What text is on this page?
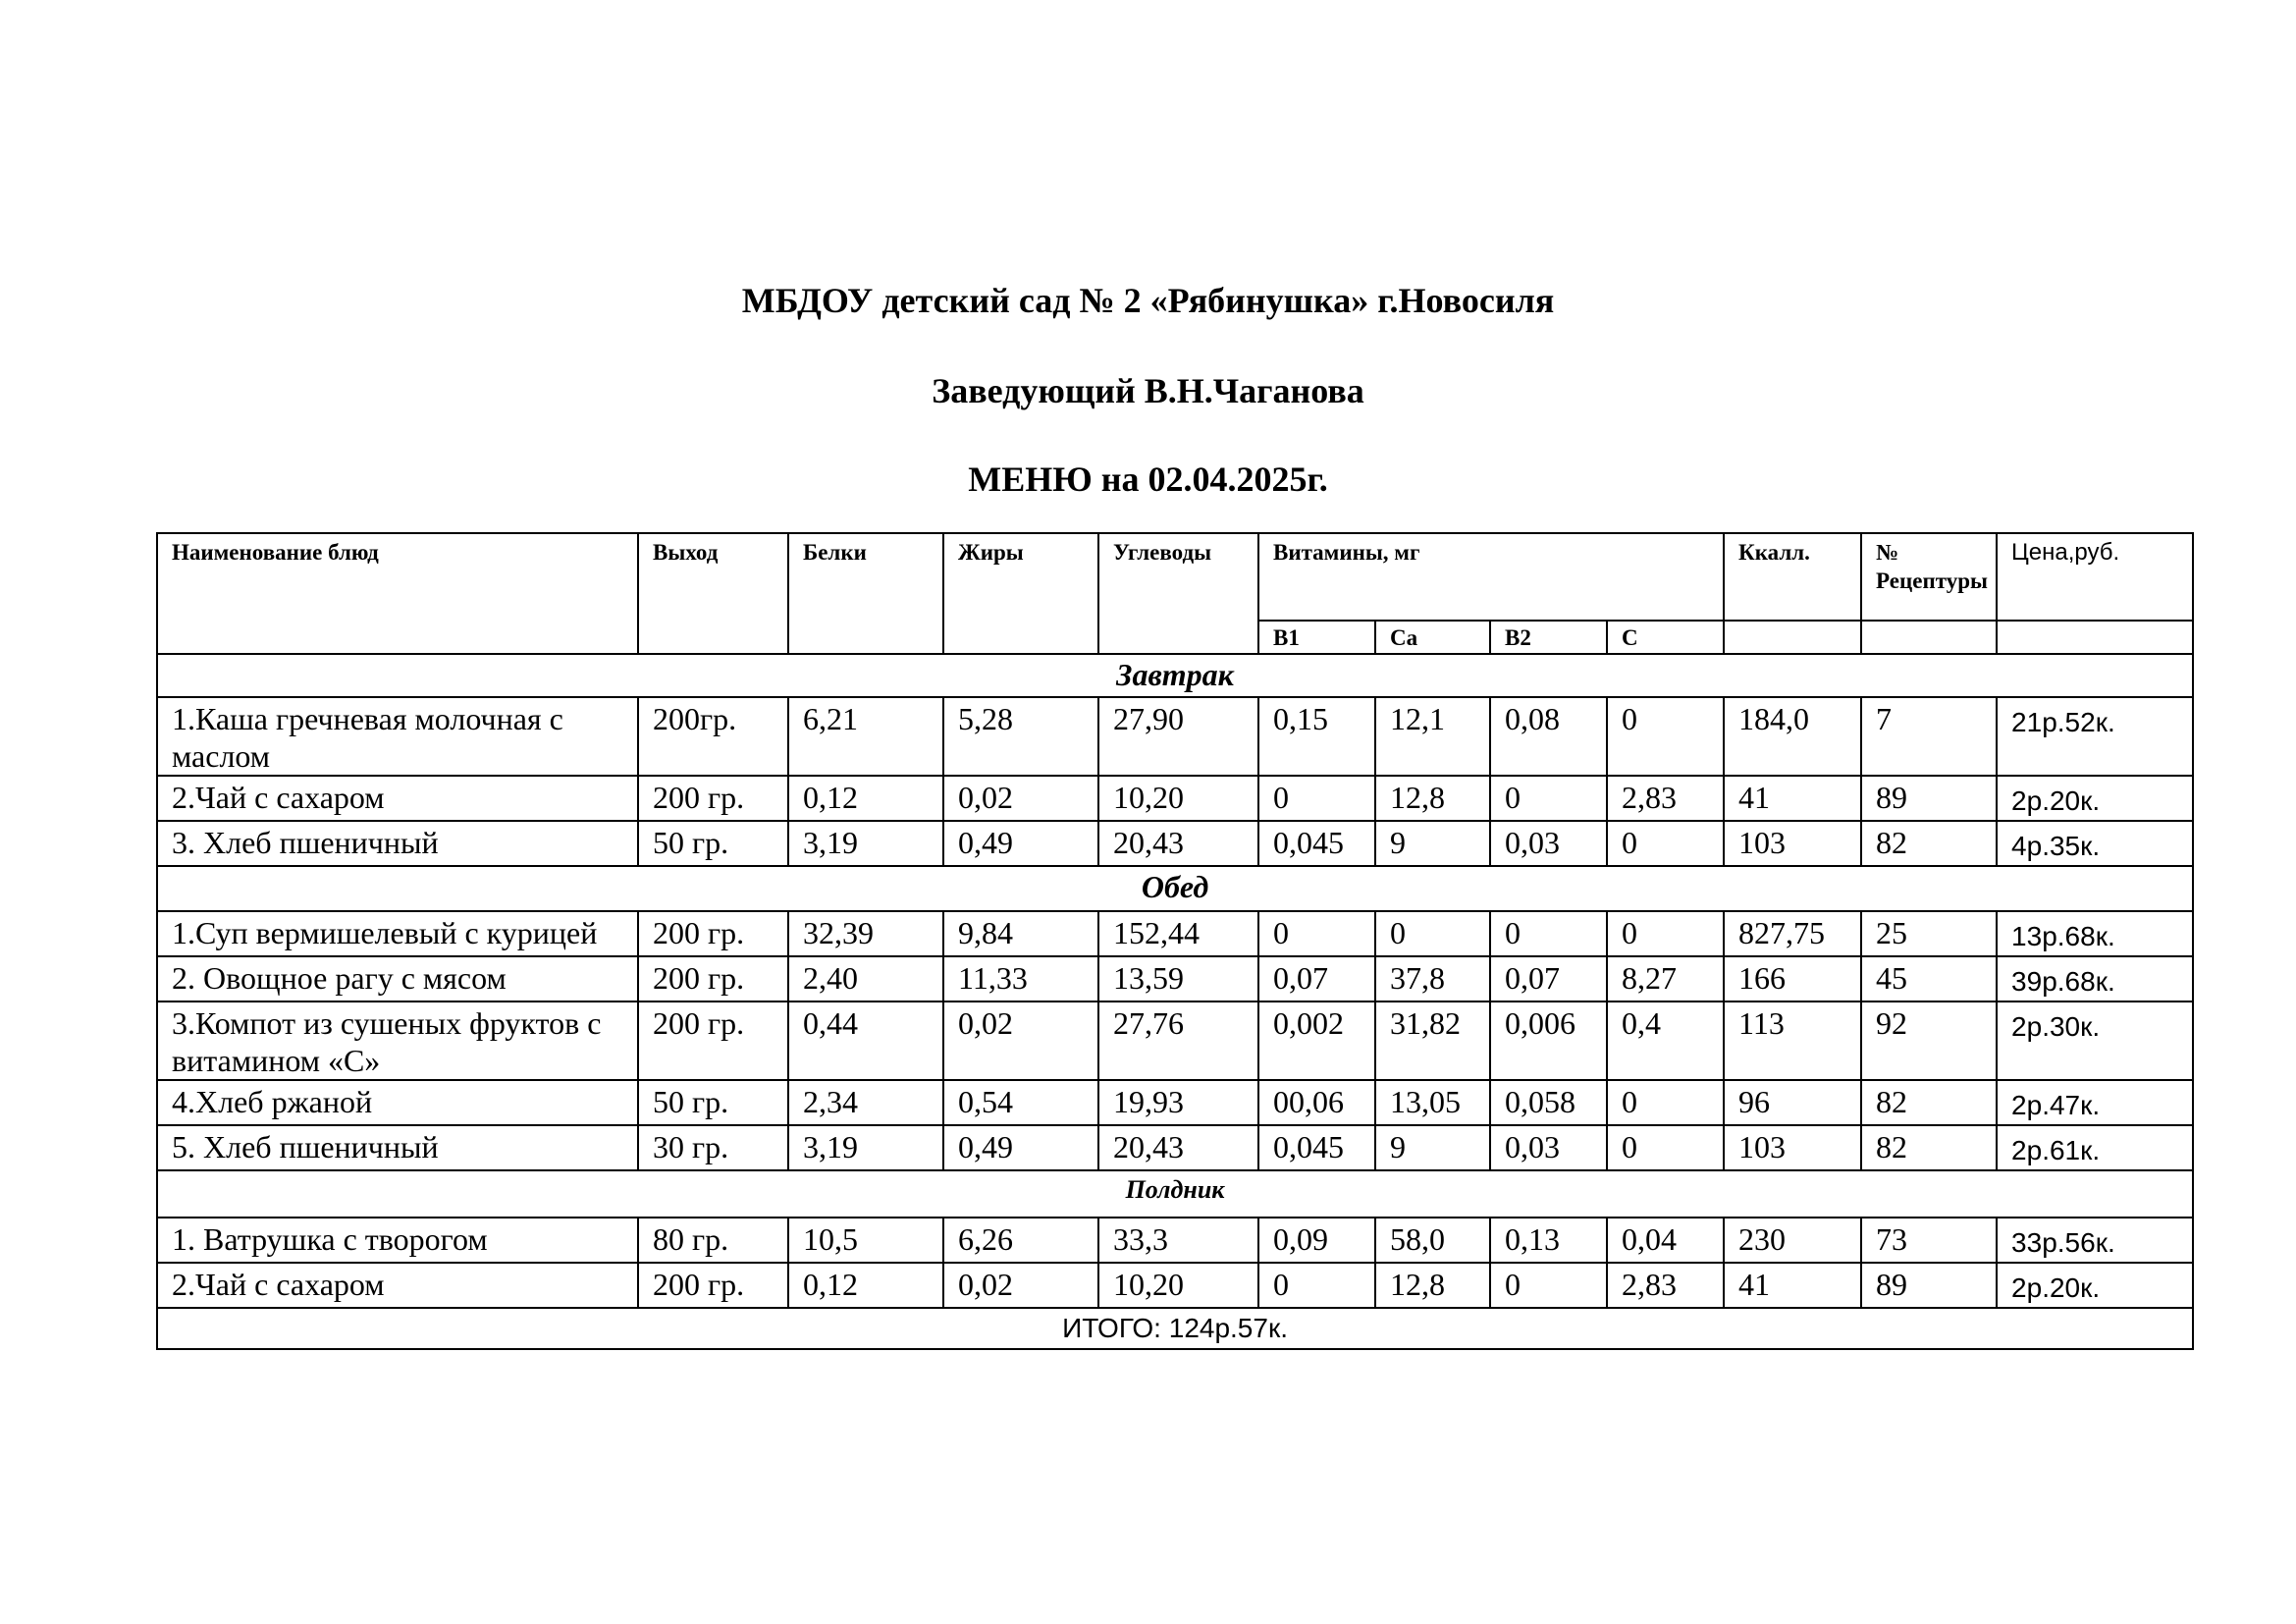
МБДОУ детский сад № 2 «Рябинушка» г.Новосиля
Заведующий В.Н.Чаганова
МЕНЮ на 02.04.2025г.
Наименование блюд	Выход	Белки	Жиры	Углеводы	Витамины, мг				Ккалл.	№ Рецептуры	Цена,руб.
					В1	Са	В2	С			
Завтрак											
1.Каша гречневая молочная с маслом	200гр.	6,21	5,28	27,90	0,15	12,1	0,08	0	184,0	7	21р.52к.
2.Чай с сахаром	200 гр.	0,12	0,02	10,20	0	12,8	0	2,83	41	89	2р.20к.
3. Хлеб пшеничный	50 гр.	3,19	0,49	20,43	0,045	9	0,03	0	103	82	4р.35к.
Обед											
1.Суп вермишелевый с курицей	200 гр.	32,39	9,84	152,44	0	0	0	0	827,75	25	13р.68к.
2. Овощное рагу с мясом	200 гр.	2,40	11,33	13,59	0,07	37,8	0,07	8,27	166	45	39р.68к.
3.Компот из сушеных фруктов с витамином «С»	200 гр.	0,44	0,02	27,76	0,002	31,82	0,006	0,4	113	92	2р.30к.
4.Хлеб ржаной	50 гр.	2,34	0,54	19,93	00,06	13,05	0,058	0	96	82	2р.47к.
5. Хлеб пшеничный	30 гр.	3,19	0,49	20,43	0,045	9	0,03	0	103	82	2р.61к.
Полдник											
1. Ватрушка с творогом	80 гр.	10,5	6,26	33,3	0,09	58,0	0,13	0,04	230	73	33р.56к.
2.Чай с сахаром	200 гр.	0,12	0,02	10,20	0	12,8	0	2,83	41	89	2р.20к.
ИТОГО: 124р.57к.											
